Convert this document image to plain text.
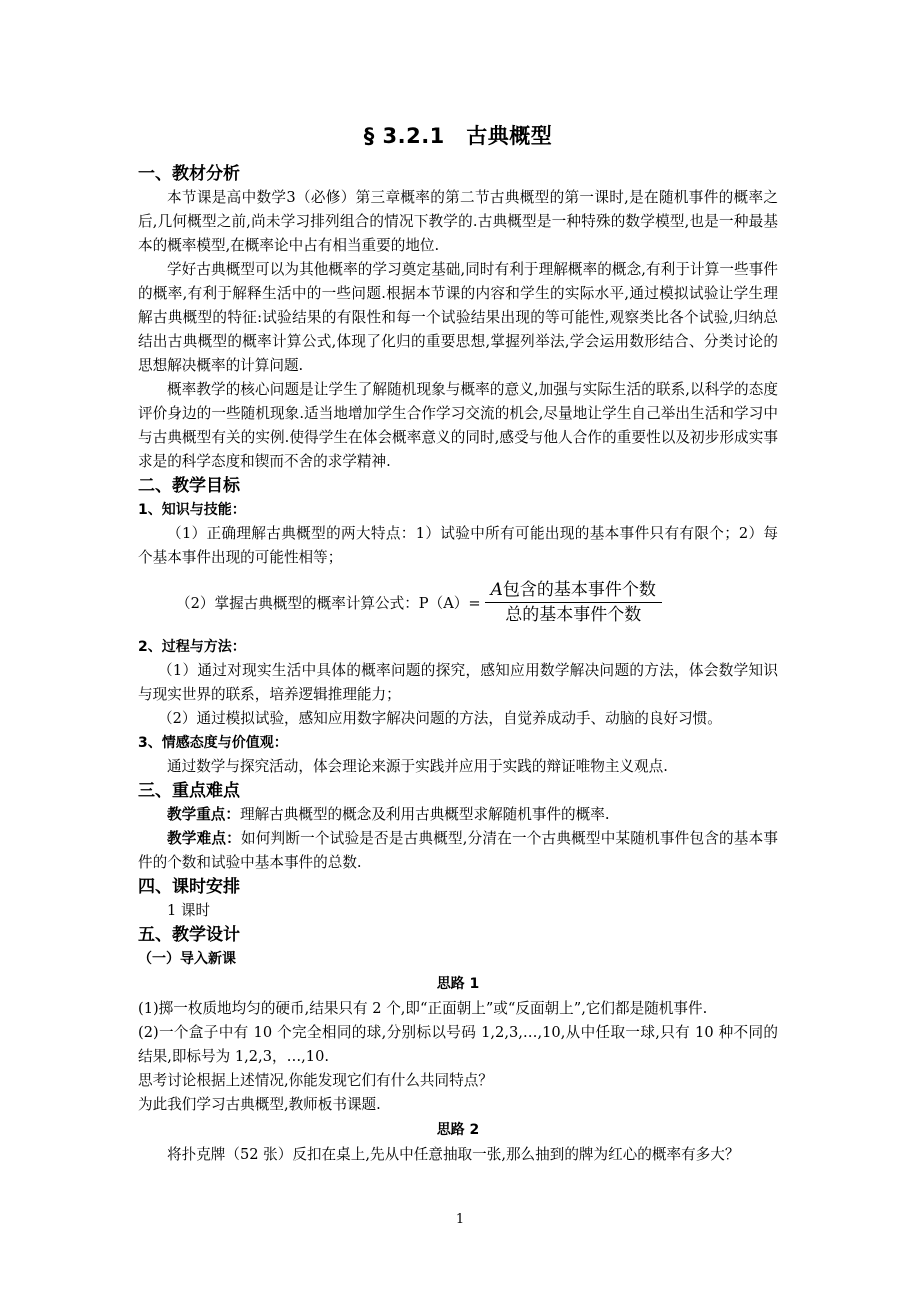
§ 3.2.1　古典概型
一、教材分析

本节课是高中数学3（必修）第三章概率的第二节古典概型的第一课时,是在随机事件的概率之后,几何概型之前,尚未学习排列组合的情况下教学的.古典概型是一种特殊的数学模型,也是一种最基本的概率模型,在概率论中占有相当重要的地位.

学好古典概型可以为其他概率的学习奠定基础,同时有利于理解概率的概念,有利于计算一些事件的概率,有利于解释生活中的一些问题.根据本节课的内容和学生的实际水平,通过模拟试验让学生理解古典概型的特征:试验结果的有限性和每一个试验结果出现的等可能性,观察类比各个试验,归纳总结出古典概型的概率计算公式,体现了化归的重要思想,掌握列举法,学会运用数形结合、分类讨论的思想解决概率的计算问题.

概率教学的核心问题是让学生了解随机现象与概率的意义,加强与实际生活的联系,以科学的态度评价身边的一些随机现象.适当地增加学生合作学习交流的机会,尽量地让学生自己举出生活和学习中与古典概型有关的实例.使得学生在体会概率意义的同时,感受与他人合作的重要性以及初步形成实事求是的科学态度和锲而不舍的求学精神.

二、教学目标
1、知识与技能：

（1）正确理解古典概型的两大特点：1）试验中所有可能出现的基本事件只有有限个；2）每个基本事件出现的可能性相等；

（2）掌握古典概型的概率计算公式：$P(A)= \frac{\text{A包含的基本事件个数}}{\text{总的基本事件个数}}$
2、过程与方法：

（1）通过对现实生活中具体的概率问题的探究，感知应用数学解决问题的方法，体会数学知识与现实世界的联系，培养逻辑推理能力；

（2）通过模拟试验，感知应用数字解决问题的方法，自觉养成动手、动脑的良好习惯。

3、情感态度与价值观：

通过数学与探究活动，体会理论来源于实践并应用于实践的辩证唯物主义观点.

三、重点难点

教学重点：理解古典概型的概念及利用古典概型求解随机事件的概率.

教学难点：如何判断一个试验是否是古典概型,分清在一个古典概型中某随机事件包含的基本事件的个数和试验中基本事件的总数.

四、课时安排

1 课时

五、教学设计
（一）导入新课
思路 1

(1)掷一枚质地均匀的硬币,结果只有 2 个,即“正面朝上”或“反面朝上”,它们都是随机事件.

(2)一个盒子中有 10 个完全相同的球,分别标以号码 1,2,3,…,10,从中任取一球,只有 10 种不同的结果,即标号为 1,2,3，…,10.

思考讨论根据上述情况,你能发现它们有什么共同特点？

为此我们学习古典概型,教师板书课题.

思路 2

将扑克牌（52 张）反扣在桌上,先从中任意抽取一张,那么抽到的牌为红心的概率有多大？

1
